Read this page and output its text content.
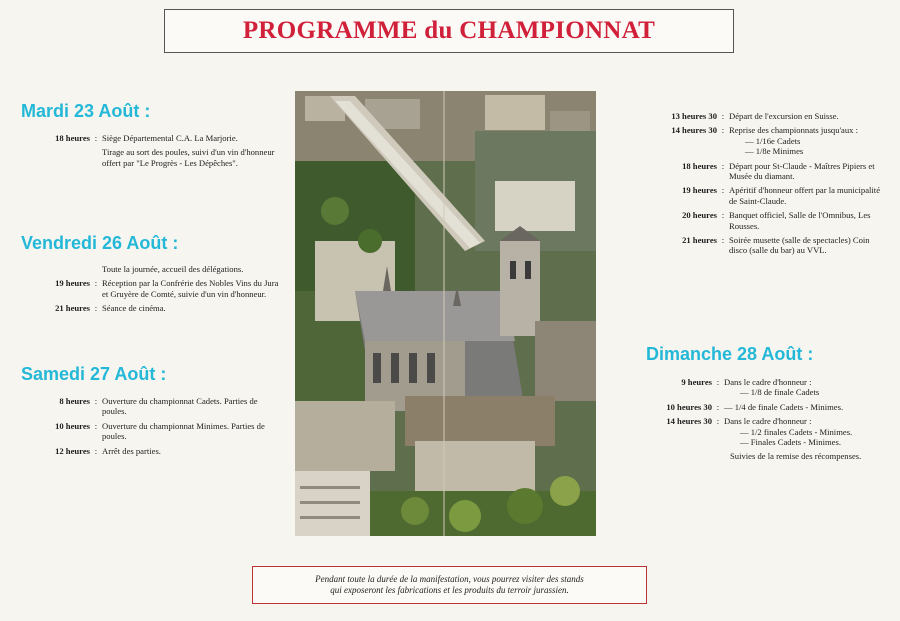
PROGRAMME du CHAMPIONNAT
Mardi 23 Août :
18 heures : Siège Départemental C.A. La Marjorie.
Tirage au sort des poules, suivi d'un vin d'honneur offert par "Le Progrès - Les Dépêches".
Vendredi 26 Août :
Toute la journée, accueil des délégations.
19 heures : Réception par la Confrérie des Nobles Vins du Jura et Gruyère de Comté, suivie d'un vin d'honneur.
21 heures : Séance de cinéma.
Samedi 27 Août :
8 heures : Ouverture du championnat Cadets. Parties de poules.
10 heures : Ouverture du championnat Minimes. Parties de poules.
12 heures : Arrêt des parties.
13 heures 30 : Départ de l'excursion en Suisse.
14 heures 30 : Reprise des championnats jusqu'aux :
— 1/16e Cadets
— 1/8e Minimes
18 heures : Départ pour St-Claude - Maîtres Pipiers et Musée du diamant.
19 heures : Apéritif d'honneur offert par la municipalité de Saint-Claude.
20 heures : Banquet officiel, Salle de l'Omnibus, Les Rousses.
21 heures : Soirée musette (salle de spectacles) Coin disco (salle du bar) au VVL.
Dimanche 28 Août :
9 heures : Dans le cadre d'honneur :
— 1/8 de finale Cadets
10 heures 30 : — 1/4 de finale Cadets - Minimes.
14 heures 30 : Dans le cadre d'honneur :
— 1/2 finales Cadets - Minimes.
— Finales Cadets - Minimes.
Suivies de la remise des récompenses.
Pendant toute la durée de la manifestation, vous pourrez visiter des stands
qui exposeront les fabrications et les produits du terroir jurassien.
